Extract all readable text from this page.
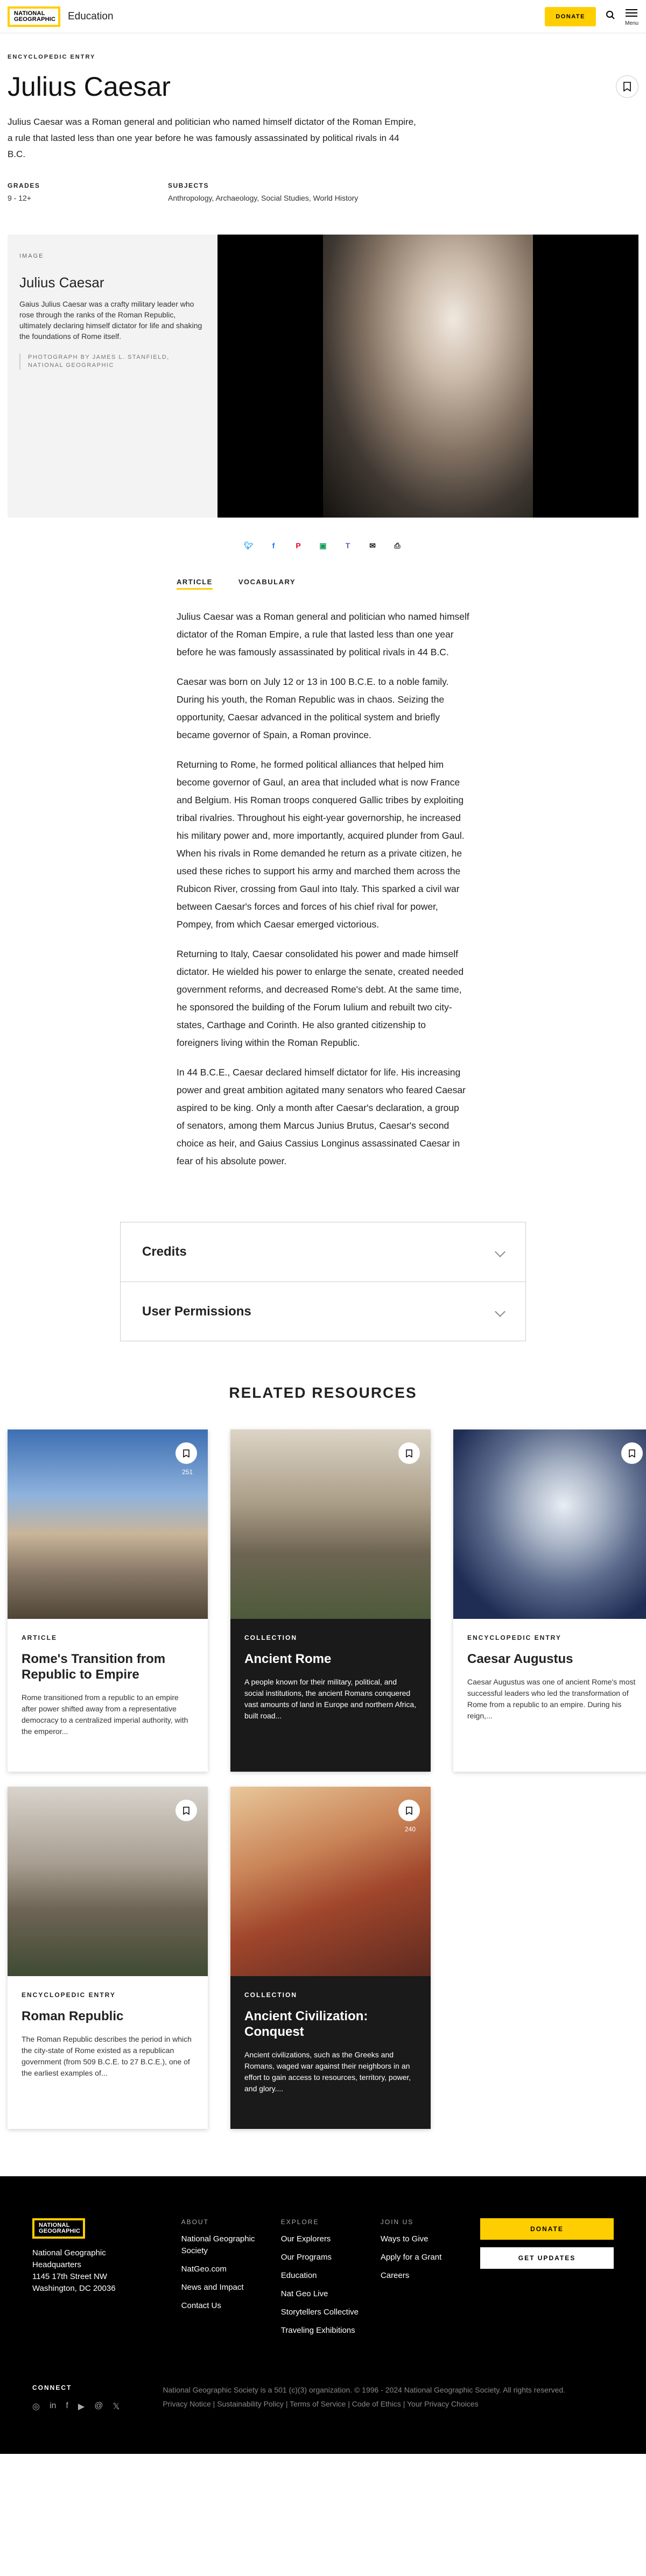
NATIONAL GEOGRAPHIC Education	DONATE
Menu
ENCYCLOPEDIC ENTRY
Julius Caesar

Julius Caesar was a Roman general and politician who named himself dictator of the Roman Empire, a rule that lasted less than one year before he was famously assassinated by political rivals in 44 B.C.

GRADES
9 - 12+
SUBJECTS
Anthropology, Archaeology, Social Studies, World History
IMAGE
Julius Caesar
Gaius Julius Caesar was a crafty military leader who rose through the ranks of the Roman Republic, ultimately declaring himself dictator for life and shaking the foundations of Rome itself.
PHOTOGRAPH BY JAMES L. STANFIELD, NATIONAL GEOGRAPHIC
🐦︎	f	P	▣	T	✉	⎙
ARTICLE	VOCABULARY

Julius Caesar was a Roman general and politician who named himself dictator of the Roman Empire, a rule that lasted less than one year before he was famously assassinated by political rivals in 44 B.C.

Caesar was born on July 12 or 13 in 100 B.C.E. to a noble family. During his youth, the Roman Republic was in chaos. Seizing the opportunity, Caesar advanced in the political system and briefly became governor of Spain, a Roman province.

Returning to Rome, he formed political alliances that helped him become governor of Gaul, an area that included what is now France and Belgium. His Roman troops conquered Gallic tribes by exploiting tribal rivalries. Throughout his eight-year governorship, he increased his military power and, more importantly, acquired plunder from Gaul. When his rivals in Rome demanded he return as a private citizen, he used these riches to support his army and marched them across the Rubicon River, crossing from Gaul into Italy. This sparked a civil war between Caesar's forces and forces of his chief rival for power, Pompey, from which Caesar emerged victorious.

Returning to Italy, Caesar consolidated his power and made himself dictator. He wielded his power to enlarge the senate, created needed government reforms, and decreased Rome's debt. At the same time, he sponsored the building of the Forum Iulium and rebuilt two city-states, Carthage and Corinth. He also granted citizenship to foreigners living within the Roman Republic.

In 44 B.C.E., Caesar declared himself dictator for life. His increasing power and great ambition agitated many senators who feared Caesar aspired to be king. Only a month after Caesar's declaration, a group of senators, among them Marcus Junius Brutus, Caesar's second choice as heir, and Gaius Cassius Longinus assassinated Caesar in fear of his absolute power.

Credits
User Permissions
RELATED RESOURCES
251
ARTICLE
Rome's Transition from Republic to Empire
Rome transitioned from a republic to an empire after power shifted away from a representative democracy to a centralized imperial authority, with the emperor...
COLLECTION
Ancient Rome
A people known for their military, political, and social institutions, the ancient Romans conquered vast amounts of land in Europe and northern Africa, built road...
ENCYCLOPEDIC ENTRY
Caesar Augustus
Caesar Augustus was one of ancient Rome's most successful leaders who led the transformation of Rome from a republic to an empire. During his reign,...
ENCYCLOPEDIC ENTRY
Roman Republic
The Roman Republic describes the period in which the city-state of Rome existed as a republican government (from 509 B.C.E. to 27 B.C.E.), one of the earliest examples of...
240
COLLECTION
Ancient Civilization: Conquest
Ancient civilizations, such as the Greeks and Romans, waged war against their neighbors in an effort to gain access to resources, territory, power, and glory....
NATIONAL GEOGRAPHIC
National Geographic
Headquarters
1145 17th Street NW
Washington, DC 20036
ABOUT
National Geographic Society
NatGeo.com
News and Impact
Contact Us
EXPLORE
Our Explorers
Our Programs
Education
Nat Geo Live
Storytellers Collective
Traveling Exhibitions
JOIN US
Ways to Give
Apply for a Grant
Careers
DONATE
GET UPDATES
CONNECT
◎ in f ▶ @ 𝕏
National Geographic Society is a 501 (c)(3) organization. © 1996 - 2024 National Geographic Society. All rights reserved.
Privacy Notice | Sustainability Policy | Terms of Service | Code of Ethics | Your Privacy Choices
